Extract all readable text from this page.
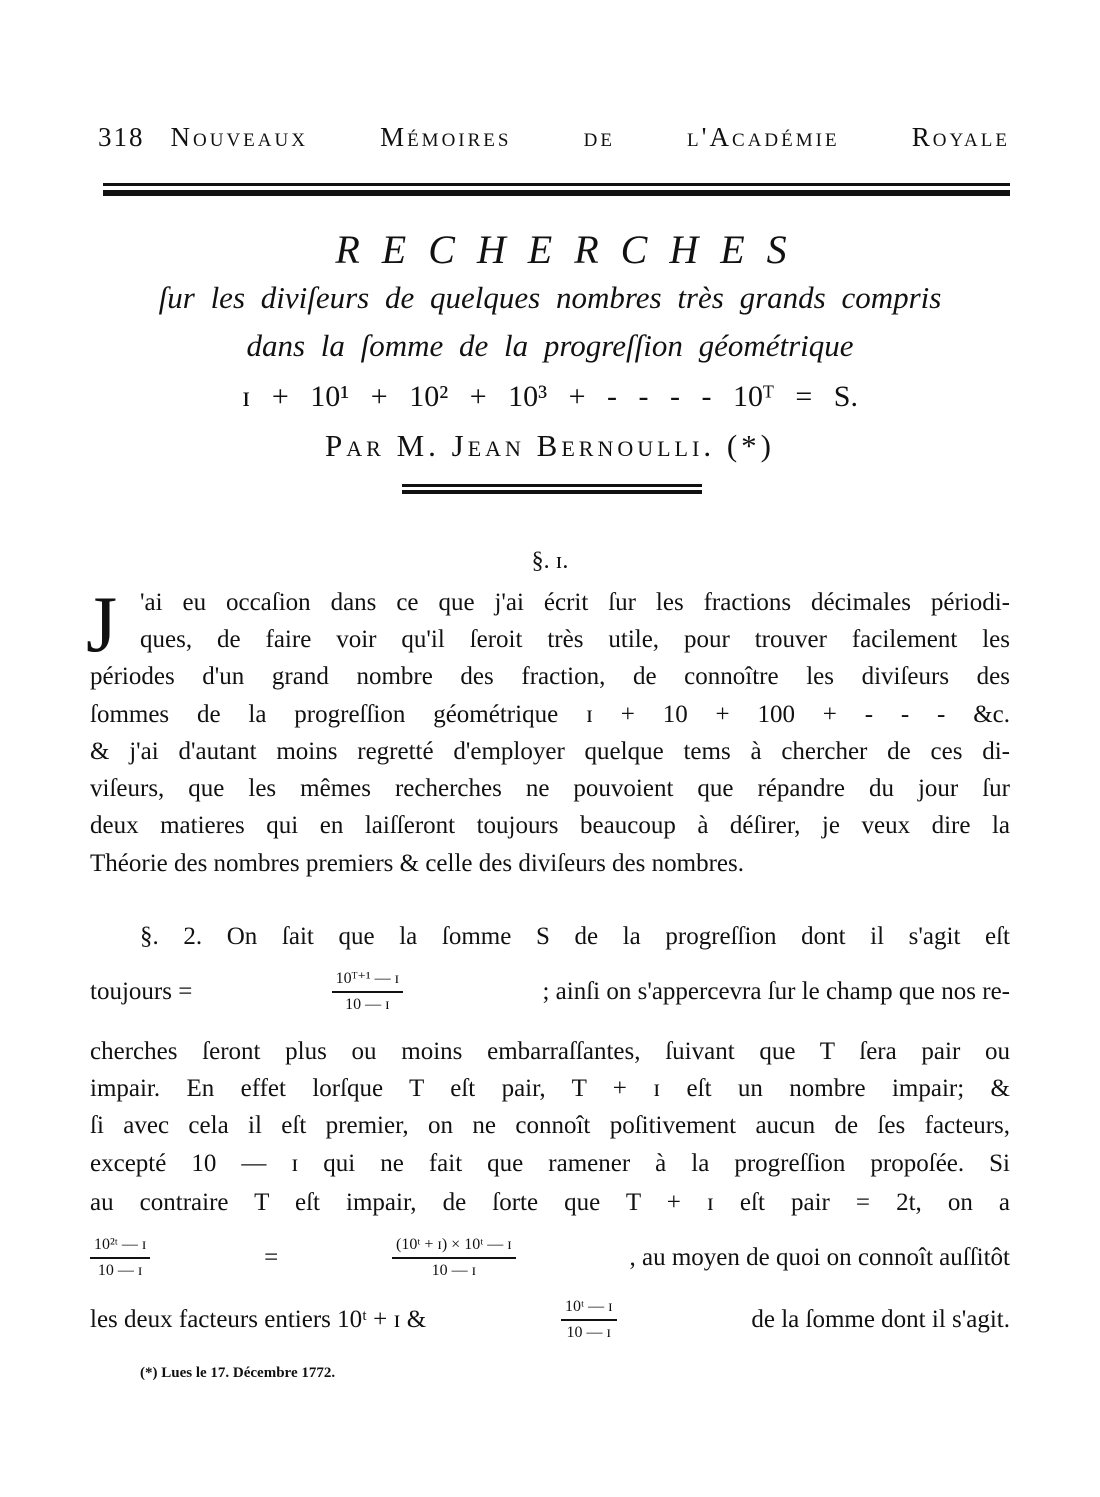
318 Nouveaux Mémoires de l'Académie Royale
RECHERCHES
ſur les diviſeurs de quelques nombres très grands compris
dans la ſomme de la progreſſion géométrique
ɪ + 10¹ + 10² + 10³ + - - - - 10ᵀ = S.
Par M. Jean Bernoulli. (*)
§. ɪ.
J 'ai eu occaſion dans ce que j'ai écrit ſur les fractions décimales périodi-
ques, de faire voir qu'il ſeroit très utile, pour trouver facilement les
périodes d'un grand nombre des fraction, de connoître les diviſeurs des
ſommes de la progreſſion géométrique ɪ + 10 + 100 + - - - &c.
& j'ai d'autant moins regretté d'employer quelque tems à chercher de ces di-
viſeurs, que les mêmes recherches ne pouvoient que répandre du jour ſur
deux matieres qui en laiſſeront toujours beaucoup à déſirer, je veux dire la
Théorie des nombres premiers & celle des diviſeurs des nombres.
§. 2. On ſait que la ſomme S de la progreſſion dont il s'agit eſt
toujours =	$\frac{\text{10ᵀ⁺¹ — ɪ}}{\text{10 — ɪ}}$	; ainſi on s'appercevra ſur le champ que nos re-
cherches ſeront plus ou moins embarraſſantes, ſuivant que T ſera pair ou
impair. En effet lorſque T eſt pair, T + ɪ eſt un nombre impair; &
ſi avec cela il eſt premier, on ne connoît poſitivement aucun de ſes facteurs,
excepté 10 — ɪ qui ne fait que ramener à la progreſſion propoſée. Si
au contraire T eſt impair, de ſorte que T + ɪ eſt pair = 2t, on a
$\frac{\text{10²ᵗ — ɪ}}{\text{10 — ɪ}}$	=	$\frac{\text{(10ᵗ + ɪ) × 10ᵗ — ɪ}}{\text{10 — ɪ}}$	, au moyen de quoi on connoît auſſitôt
les deux facteurs entiers 10ᵗ + ɪ &	$\frac{\text{10ᵗ — ɪ}}{\text{10 — ɪ}}$	de la ſomme dont il s'agit.
(*) Lues le 17. Décembre 1772.
